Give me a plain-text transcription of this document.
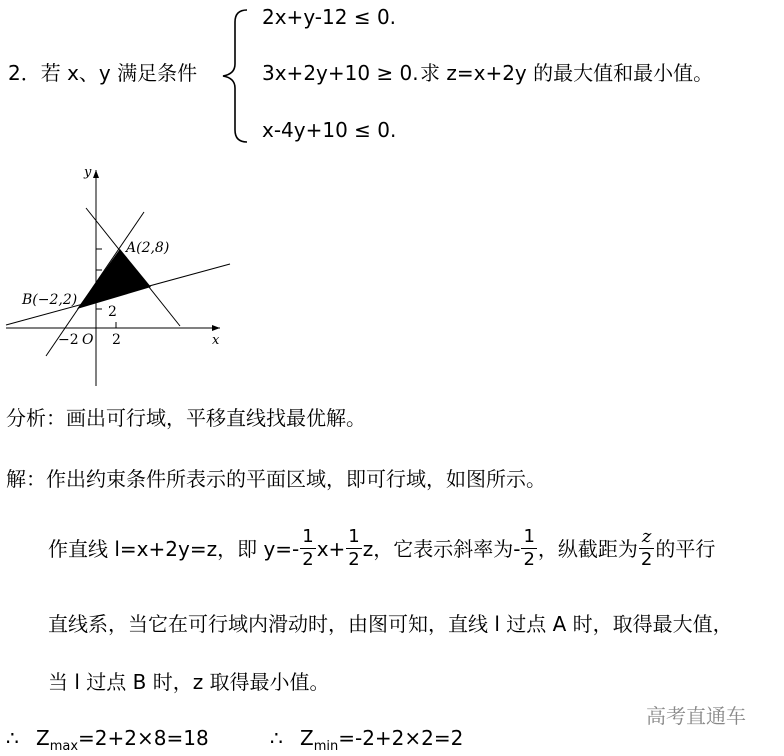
2．若 x、y 满足条件
2x+y-12 ≤ 0.
3x+2y+10 ≥ 0. 求 z=x+2y 的最大值和最小值。
x-4y+10 ≤ 0.
y
x
A(2,8)
B(−2,2)
2
−2 O 2
分析：画出可行域，平移直线找最优解。
解：作出约束条件所表示的平面区域，即可行域，如图所示。
作直线 l=x+2y=z，即 $y=- \frac{1}{2} x+ \frac{1}{2}$ z，它表示斜率为- $\frac{1}{2}$ ，纵截距为 $\frac{z}{2}$ 的平行
直线系，当它在可行域内滑动时，由图可知，直线 l 过点 A 时，取得最大值，
当 l 过点 B 时，z 取得最小值。
∴ $Z_{max}=2+2\times 8=18$	∴ $Z_{min}=-2+2\times 2=2$
高考直通车
